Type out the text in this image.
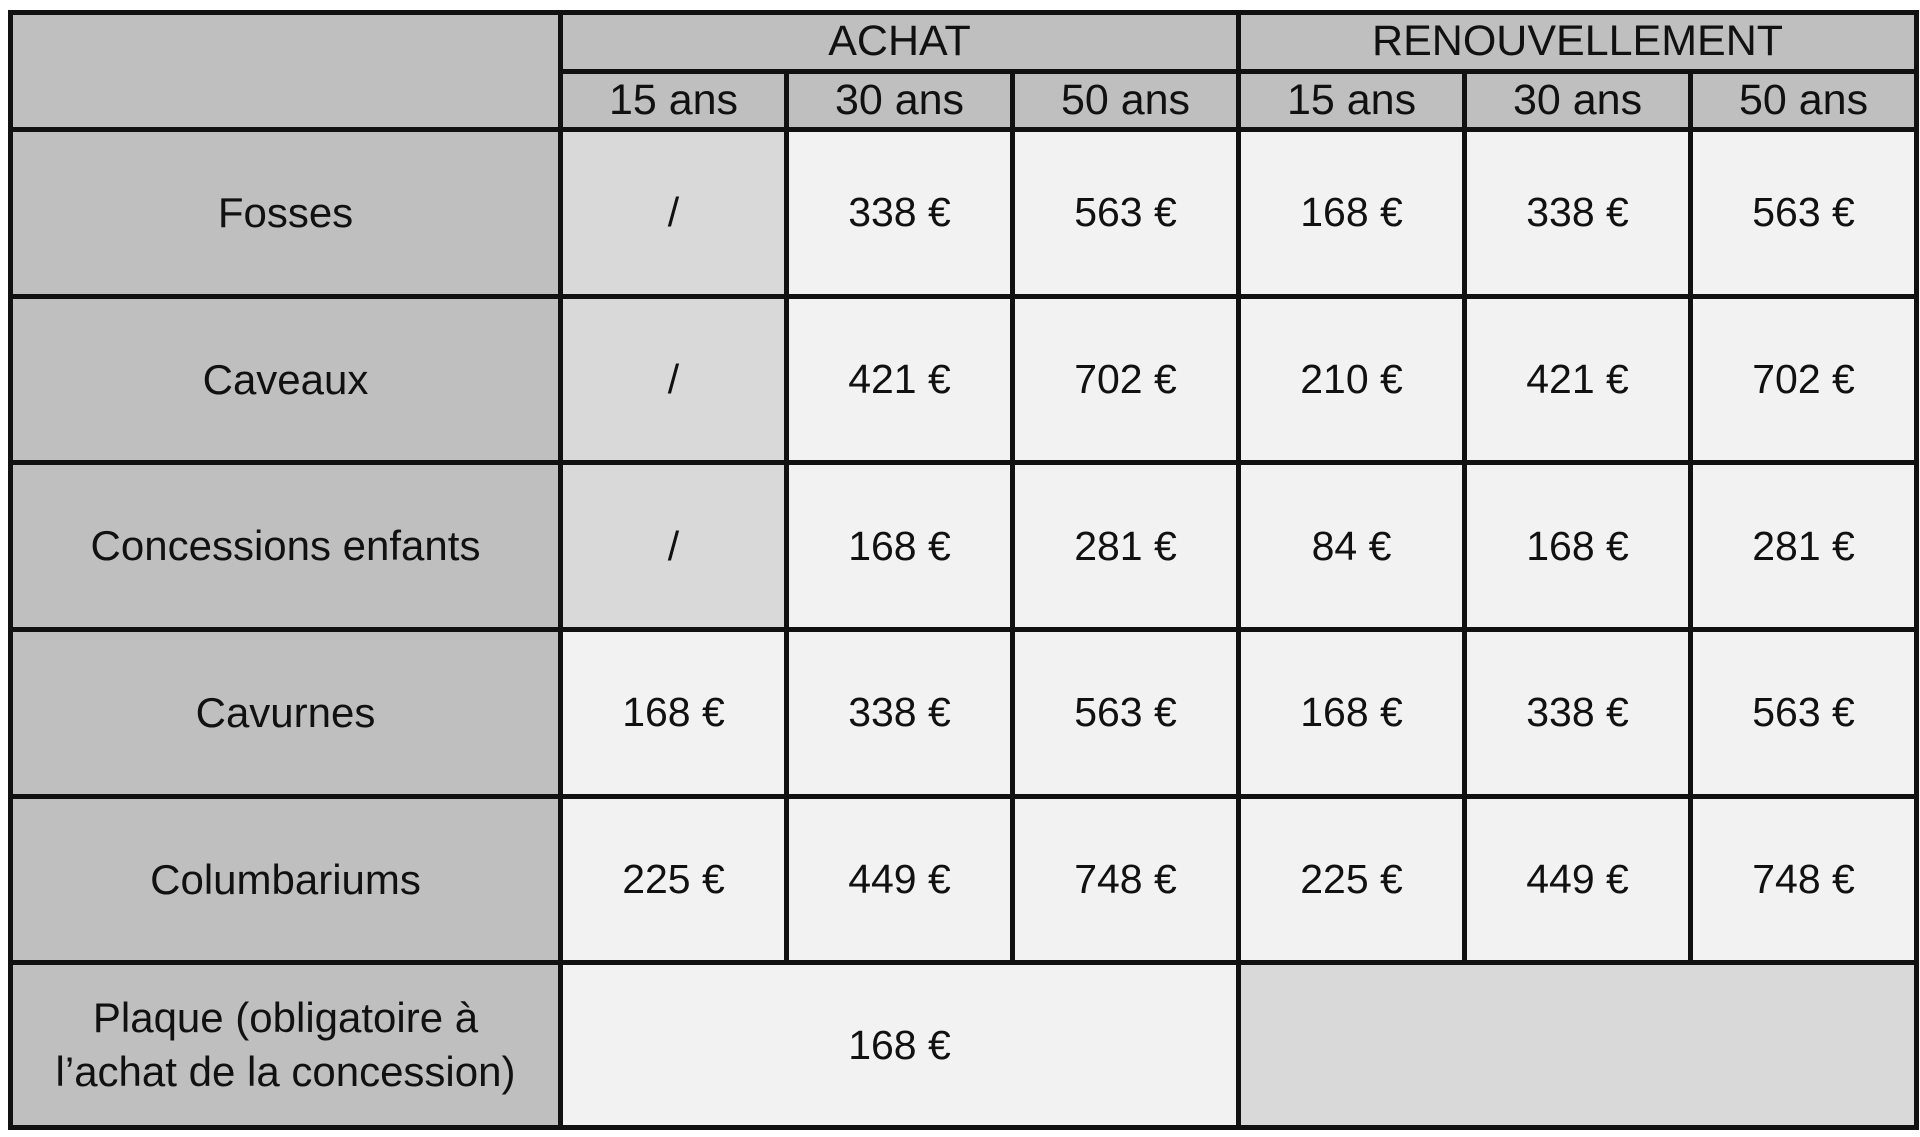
	ACHAT			RENOUVELLEMENT		
	15 ans	30 ans	50 ans	15 ans	30 ans	50 ans
Fosses	/	338 €	563 €	168 €	338 €	563 €
Caveaux	/	421 €	702 €	210 €	421 €	702 €
Concessions enfants	/	168 €	281 €	84 €	168 €	281 €
Cavurnes	168 €	338 €	563 €	168 €	338 €	563 €
Columbariums	225 €	449 €	748 €	225 €	449 €	748 €
Plaque (obligatoire à
l’achat de la concession)	168 €					
